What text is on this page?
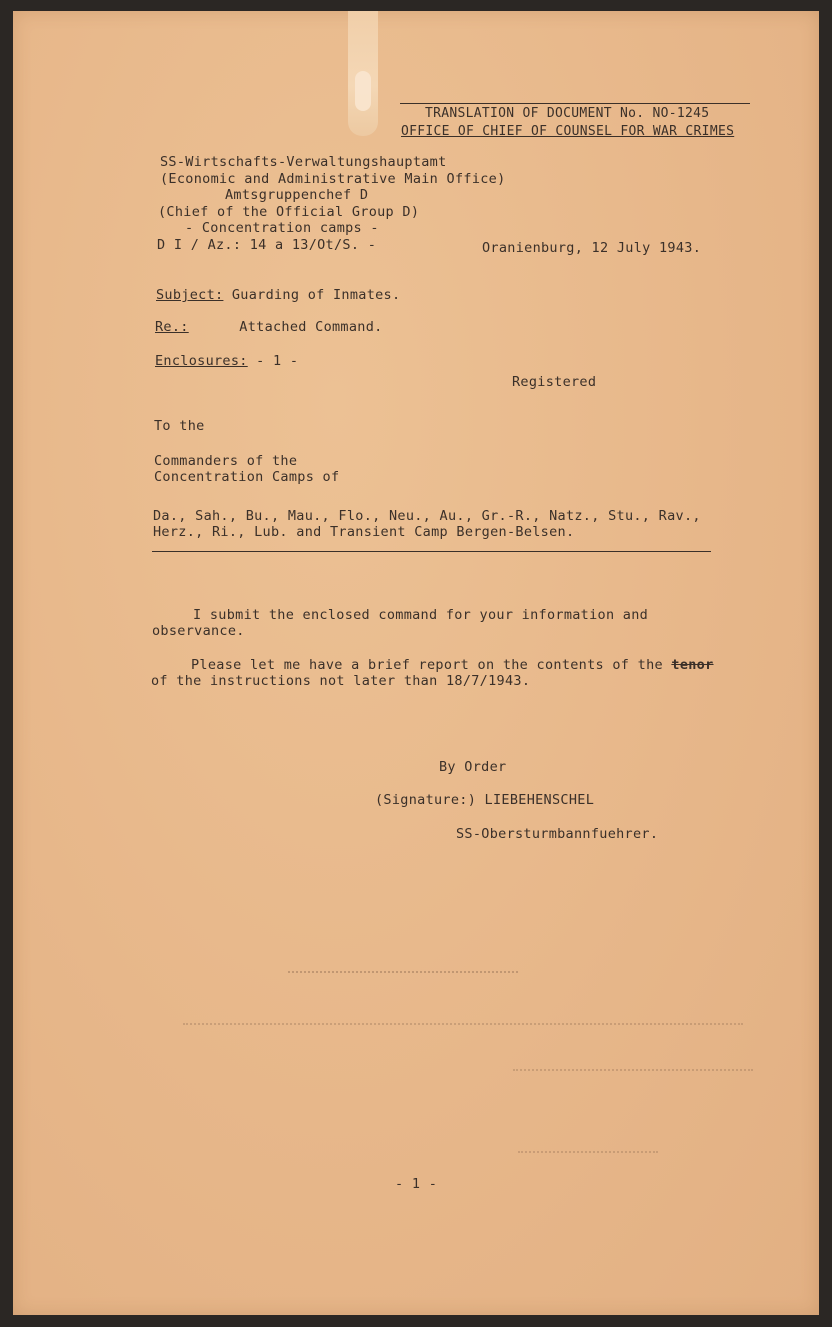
TRANSLATION OF DOCUMENT No. NO-1245
OFFICE OF CHIEF OF COUNSEL FOR WAR CRIMES
SS-Wirtschafts-Verwaltungshauptamt
(Economic and Administrative Main Office)
Amtsgruppenchef D
(Chief of the Official Group D)
- Concentration camps -
D I / Az.: 14 a 13/Ot/S. -	Oranienburg, 12 July 1943.
Subject: Guarding of Inmates.
Re.:	Attached Command.
Enclosures: - 1 -
Registered
To the
Commanders of the
Concentration Camps of
Da., Sah., Bu., Mau., Flo., Neu., Au., Gr.-R., Natz., Stu., Rav.,
Herz., Ri., Lub. and Transient Camp Bergen-Belsen.
I submit the enclosed command for your information and
observance.
Please let me have a brief report on the contents of the tenor
of the instructions not later than 18/7/1943.
By Order
(Signature:) LIEBEHENSCHEL
SS-Obersturmbannfuehrer.
- 1 -
